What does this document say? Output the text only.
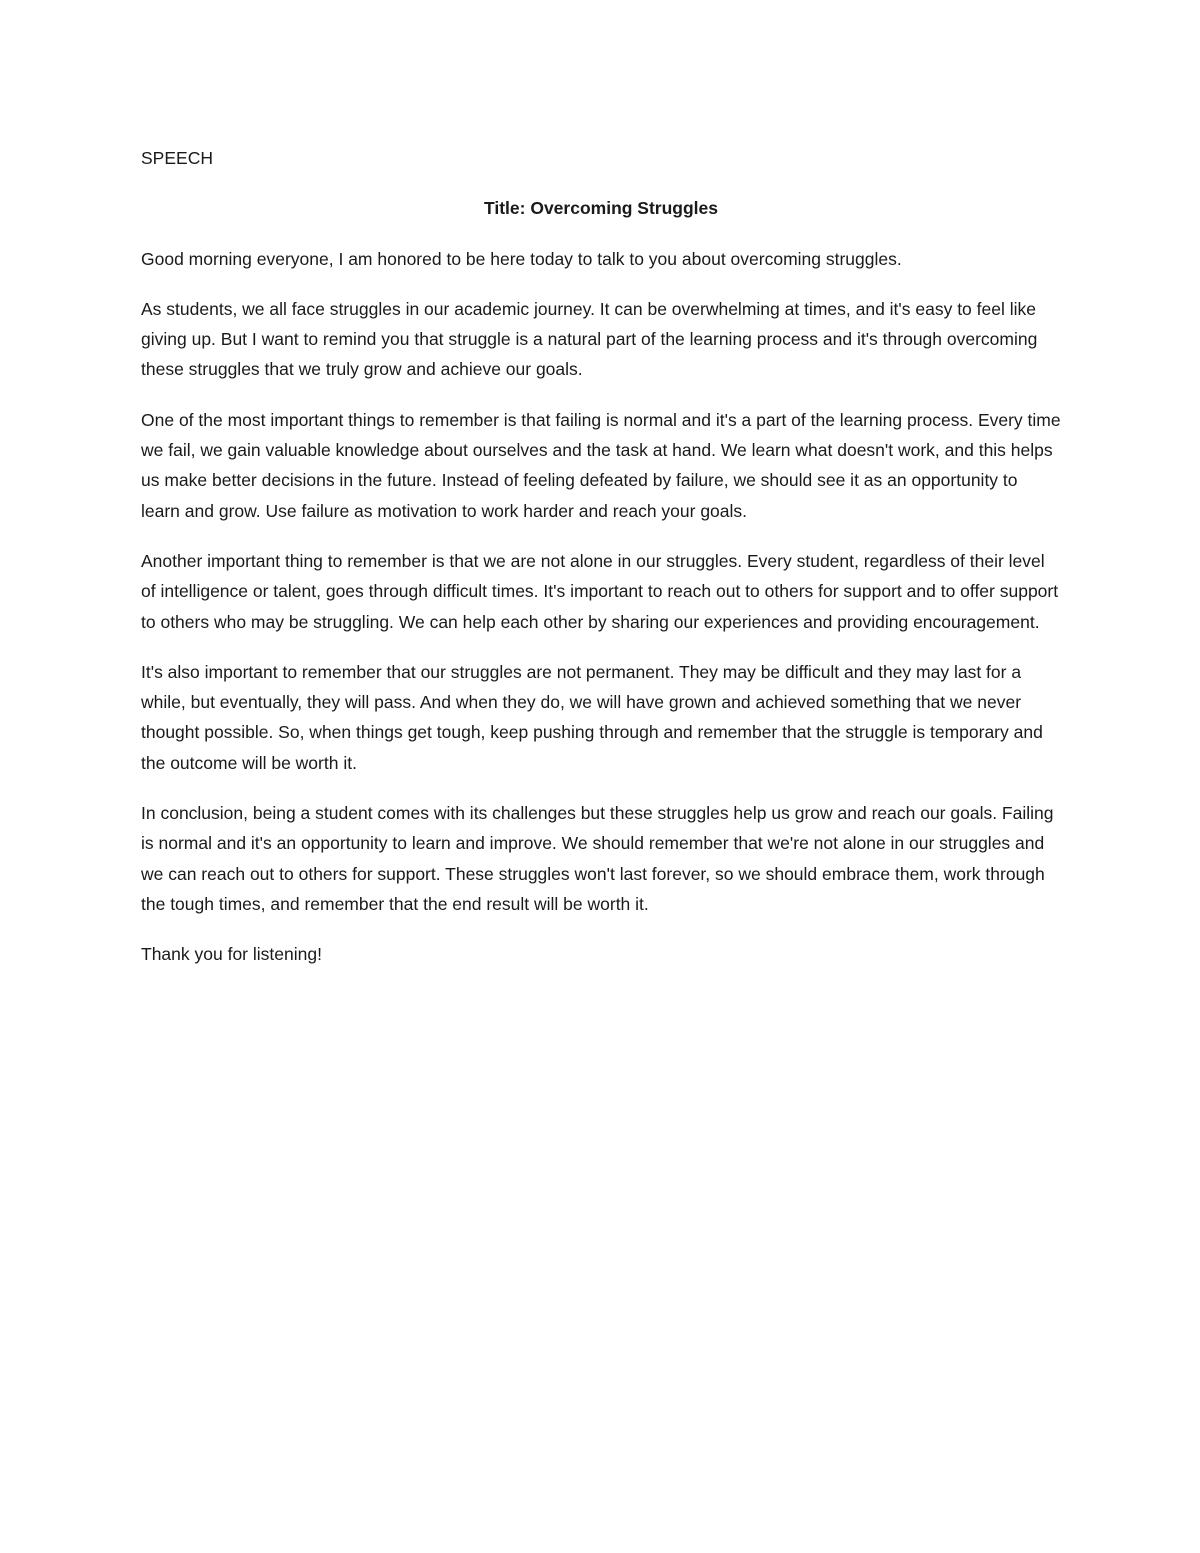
SPEECH

Title: Overcoming Struggles

Good morning everyone, I am honored to be here today to talk to you about overcoming struggles.

As students, we all face struggles in our academic journey. It can be overwhelming at times, and it's easy to feel like giving up. But I want to remind you that struggle is a natural part of the learning process and it's through overcoming these struggles that we truly grow and achieve our goals.

One of the most important things to remember is that failing is normal and it's a part of the learning process. Every time we fail, we gain valuable knowledge about ourselves and the task at hand. We learn what doesn't work, and this helps us make better decisions in the future. Instead of feeling defeated by failure, we should see it as an opportunity to learn and grow. Use failure as motivation to work harder and reach your goals.

Another important thing to remember is that we are not alone in our struggles. Every student, regardless of their level of intelligence or talent, goes through difficult times. It's important to reach out to others for support and to offer support to others who may be struggling. We can help each other by sharing our experiences and providing encouragement.

It's also important to remember that our struggles are not permanent. They may be difficult and they may last for a while, but eventually, they will pass. And when they do, we will have grown and achieved something that we never thought possible. So, when things get tough, keep pushing through and remember that the struggle is temporary and the outcome will be worth it.

In conclusion, being a student comes with its challenges but these struggles help us grow and reach our goals. Failing is normal and it's an opportunity to learn and improve. We should remember that we're not alone in our struggles and we can reach out to others for support. These struggles won't last forever, so we should embrace them, work through the tough times, and remember that the end result will be worth it.

Thank you for listening!
